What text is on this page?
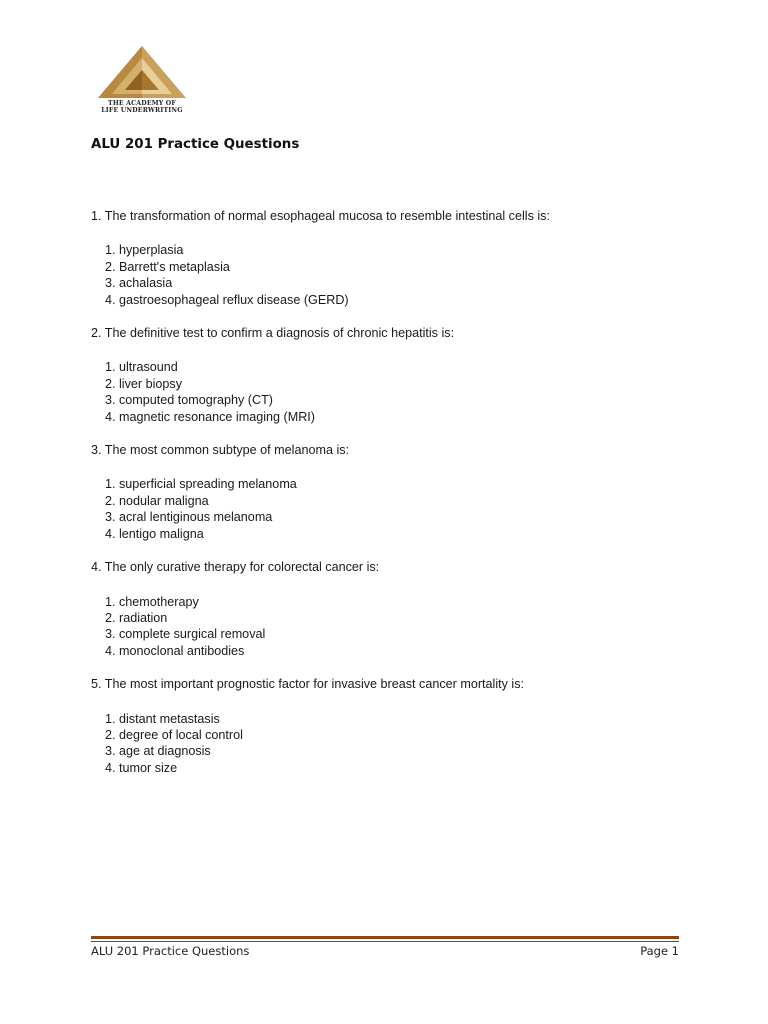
THE ACADEMY OF
LIFE UNDERWRITING
ALU 201 Practice Questions

1. The transformation of normal esophageal mucosa to resemble intestinal cells is:

1. hyperplasia
2. Barrett's metaplasia
3. achalasia
4. gastroesophageal reflux disease (GERD)

2. The definitive test to confirm a diagnosis of chronic hepatitis is:

1. ultrasound
2. liver biopsy
3. computed tomography (CT)
4. magnetic resonance imaging (MRI)

3. The most common subtype of melanoma is:

1. superficial spreading melanoma
2. nodular maligna
3. acral lentiginous melanoma
4. lentigo maligna

4. The only curative therapy for colorectal cancer is:

1. chemotherapy
2. radiation
3. complete surgical removal
4. monoclonal antibodies

5. The most important prognostic factor for invasive breast cancer mortality is:

1. distant metastasis
2. degree of local control
3. age at diagnosis
4. tumor size
ALU 201 Practice Questions	Page 1
